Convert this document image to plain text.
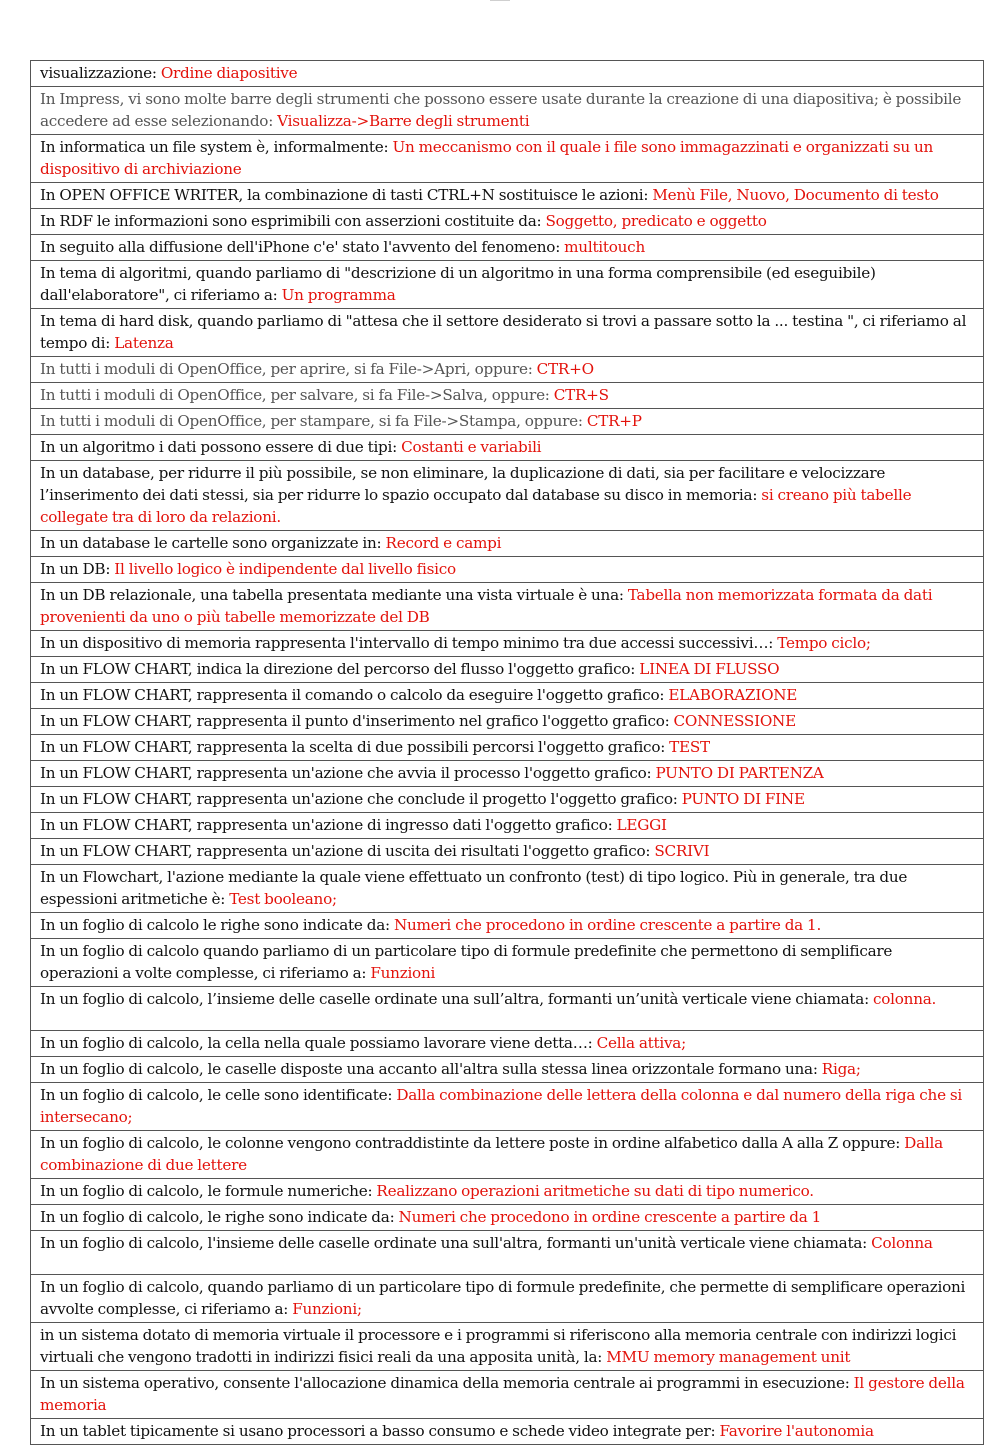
visualizzazione: Ordine diapositive
In Impress, vi sono molte barre degli strumenti che possono essere usate durante la creazione di una diapositiva; è possibile accedere ad esse selezionando: Visualizza->Barre degli strumenti
In informatica un file system è, informalmente: Un meccanismo con il quale i file sono immagazzinati e organizzati su un dispositivo di archiviazione
In OPEN OFFICE WRITER, la combinazione di tasti CTRL+N sostituisce le azioni: Menù File, Nuovo, Documento di testo
In RDF le informazioni sono esprimibili con asserzioni costituite da: Soggetto, predicato e oggetto
In seguito alla diffusione dell'iPhone c'e' stato l'avvento del fenomeno: multitouch
In tema di algoritmi, quando parliamo di "descrizione di un algoritmo in una forma comprensibile (ed eseguibile) dall'elaboratore", ci riferiamo a: Un programma
In tema di hard disk, quando parliamo di "attesa che il settore desiderato si trovi a passare sotto la ... testina ", ci riferiamo al tempo di: Latenza
In tutti i moduli di OpenOffice, per aprire, si fa File->Apri, oppure: CTR+O
In tutti i moduli di OpenOffice, per salvare, si fa File->Salva, oppure: CTR+S
In tutti i moduli di OpenOffice, per stampare, si fa File->Stampa, oppure: CTR+P
In un algoritmo i dati possono essere di due tipi: Costanti e variabili
In un database, per ridurre il più possibile, se non eliminare, la duplicazione di dati, sia per facilitare e velocizzare l’inserimento dei dati stessi, sia per ridurre lo spazio occupato dal database su disco in memoria: si creano più tabelle collegate tra di loro da relazioni.
In un database le cartelle sono organizzate in: Record e campi
In un DB: Il livello logico è indipendente dal livello fisico
In un DB relazionale, una tabella presentata mediante una vista virtuale è una: Tabella non memorizzata formata da dati provenienti da uno o più tabelle memorizzate del DB
In un dispositivo di memoria rappresenta l'intervallo di tempo minimo tra due accessi successivi…: Tempo ciclo;
In un FLOW CHART, indica la direzione del percorso del flusso l'oggetto grafico: LINEA DI FLUSSO
In un FLOW CHART, rappresenta il comando o calcolo da eseguire l'oggetto grafico: ELABORAZIONE
In un FLOW CHART, rappresenta il punto d'inserimento nel grafico l'oggetto grafico: CONNESSIONE
In un FLOW CHART, rappresenta la scelta di due possibili percorsi l'oggetto grafico: TEST
In un FLOW CHART, rappresenta un'azione che avvia il processo l'oggetto grafico: PUNTO DI PARTENZA
In un FLOW CHART, rappresenta un'azione che conclude il progetto l'oggetto grafico: PUNTO DI FINE
In un FLOW CHART, rappresenta un'azione di ingresso dati l'oggetto grafico: LEGGI
In un FLOW CHART, rappresenta un'azione di uscita dei risultati l'oggetto grafico: SCRIVI
In un Flowchart, l'azione mediante la quale viene effettuato un confronto (test) di tipo logico. Più in generale, tra due espessioni aritmetiche è: Test booleano;
In un foglio di calcolo le righe sono indicate da: Numeri che procedono in ordine crescente a partire da 1.
In un foglio di calcolo quando parliamo di un particolare tipo di formule predefinite che permettono di semplificare operazioni a volte complesse, ci riferiamo a: Funzioni
In un foglio di calcolo, l’insieme delle caselle ordinate una sull’altra, formanti un’unità verticale viene chiamata: colonna.
In un foglio di calcolo, la cella nella quale possiamo lavorare viene detta…: Cella attiva;
In un foglio di calcolo, le caselle disposte una accanto all'altra sulla stessa linea orizzontale formano una: Riga;
In un foglio di calcolo, le celle sono identificate: Dalla combinazione delle lettera della colonna e dal numero della riga che si intersecano;
In un foglio di calcolo, le colonne vengono contraddistinte da lettere poste in ordine alfabetico dalla A alla Z oppure: Dalla combinazione di due lettere
In un foglio di calcolo, le formule numeriche: Realizzano operazioni aritmetiche su dati di tipo numerico.
In un foglio di calcolo, le righe sono indicate da: Numeri che procedono in ordine crescente a partire da 1
In un foglio di calcolo, l'insieme delle caselle ordinate una sull'altra, formanti un'unità verticale viene chiamata: Colonna
In un foglio di calcolo, quando parliamo di un particolare tipo di formule predefinite, che permette di semplificare operazioni avvolte complesse, ci riferiamo a: Funzioni;
in un sistema dotato di memoria virtuale il processore e i programmi si riferiscono alla memoria centrale con indirizzi logici virtuali che vengono tradotti in indirizzi fisici reali da una apposita unità, la: MMU memory management unit
In un sistema operativo, consente l'allocazione dinamica della memoria centrale ai programmi in esecuzione: Il gestore della memoria
In un tablet tipicamente si usano processori a basso consumo e schede video integrate per: Favorire l'autonomia
